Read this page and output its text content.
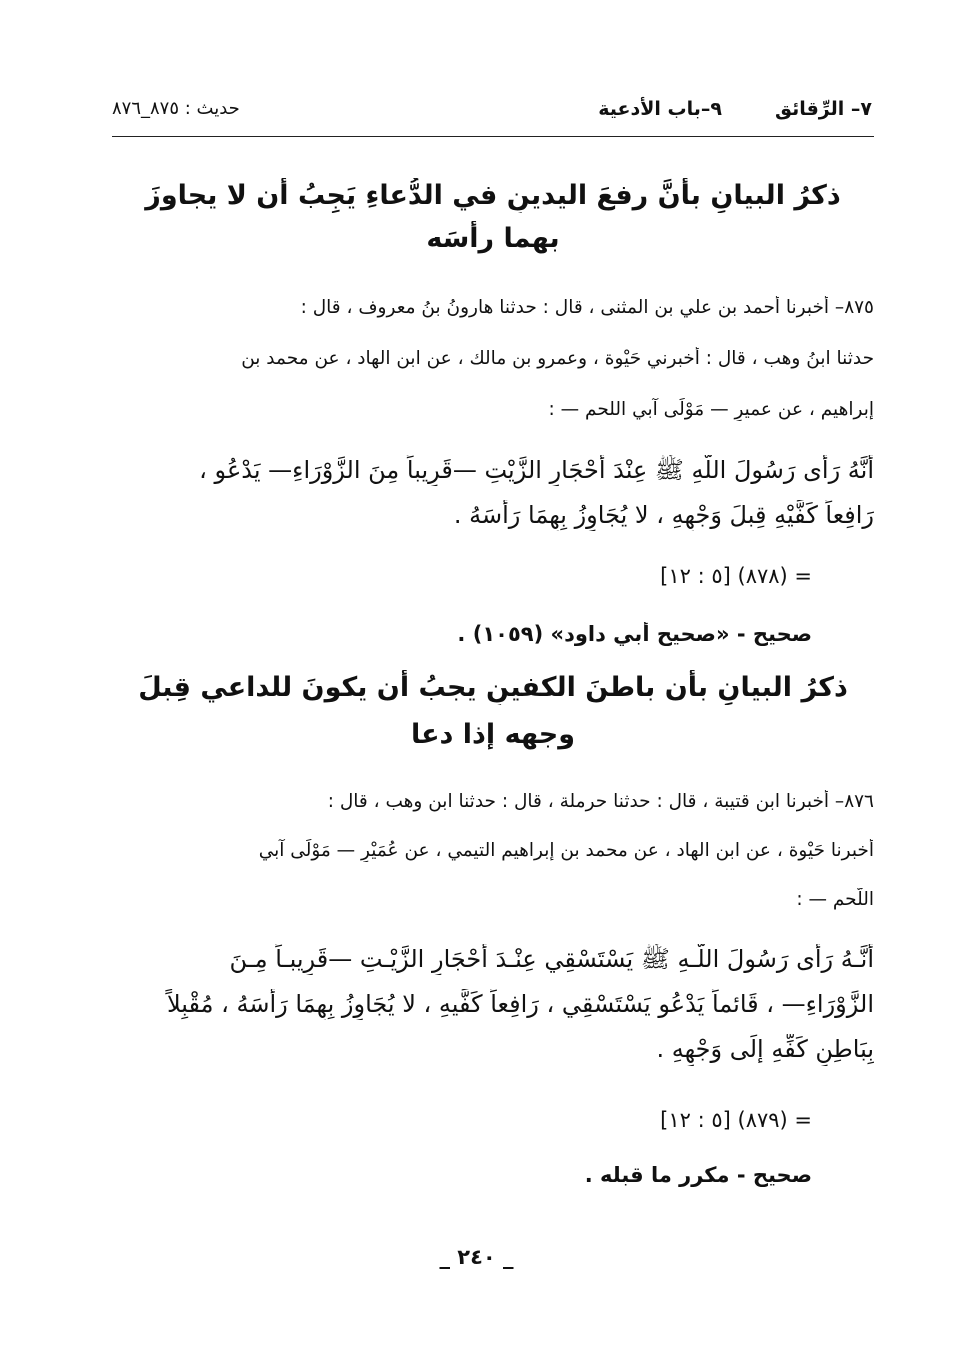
٧– الرِّقائق
٩–باب الأدعية
حديث : ٨٧٥_٨٧٦
ذكرُ البيانِ بأنَّ رفعَ اليدينِ في الدُّعاءِ يَجِبُ أن لا يجاوزَ
بهما رأسَه
٨٧٥– أخبرنا أحمد بن علي بن المثنى ، قال : حدثنا هارونُ بنُ معروف ، قال :
حدثنا ابنُ وهب ، قال : أخبرني حَيْوة ، وعمرو بن مالك ، عن ابن الهاد ، عن محمد بن
إبراهيم ، عن عميرٍ — مَوْلَى آبي اللحم — :
أَنَّهُ رَأَى رَسُولَ اللّهِ ﷺ عِنْدَ أَحْجَارِ الزَّيْتِ —قَرِيباً مِنَ الزَّوْرَاءِ— يَدْعُو ،
رَافِعاً كَفَّيْهِ قِبلَ وَجْهِهِ ، لا يُجَاوِزُ بِهِمَا رَأْسَهُ .
= (٨٧٨) [٥ : ١٢]
صحيح - «صحيح أبي داود» (١٠٥٩) .
ذكرُ البيانِ بأن باطنَ الكفينِ يجبُ أن يكونَ للداعي قِبلَ
وجهه إذا دعا
٨٧٦– أخبرنا ابن قتيبة ، قال : حدثنا حرملة ، قال : حدثنا ابن وهب ، قال :
أخبرنا حَيْوة ، عن ابن الهاد ، عن محمد بن إبراهيم التيمي ، عن عُمَيْرٍ — مَوْلَى آبي
اللَّحم — :
أَنَّـهُ رَأَى رَسُولَ اللّـهِ ﷺ يَسْتَسْقِي عِنْـدَ أَحْجَارِ الزَّيْـتِ —قَرِيبـاً مِـنَ
الزَّوْرَاءِ— ، قَائماً يَدْعُو يَسْتَسْقِي ، رَافِعاً كَفَّيهِ ، لا يُجَاوِزُ بِهِمَا رَأْسَهُ ، مُقْبِلاً
بِبَاطِنِ كَفِّهِ إلَى وَجْهِهِ .
= (٨٧٩) [٥ : ١٢]
صحيح - مكرر ما قبله .
_ ٢٤٠ _
